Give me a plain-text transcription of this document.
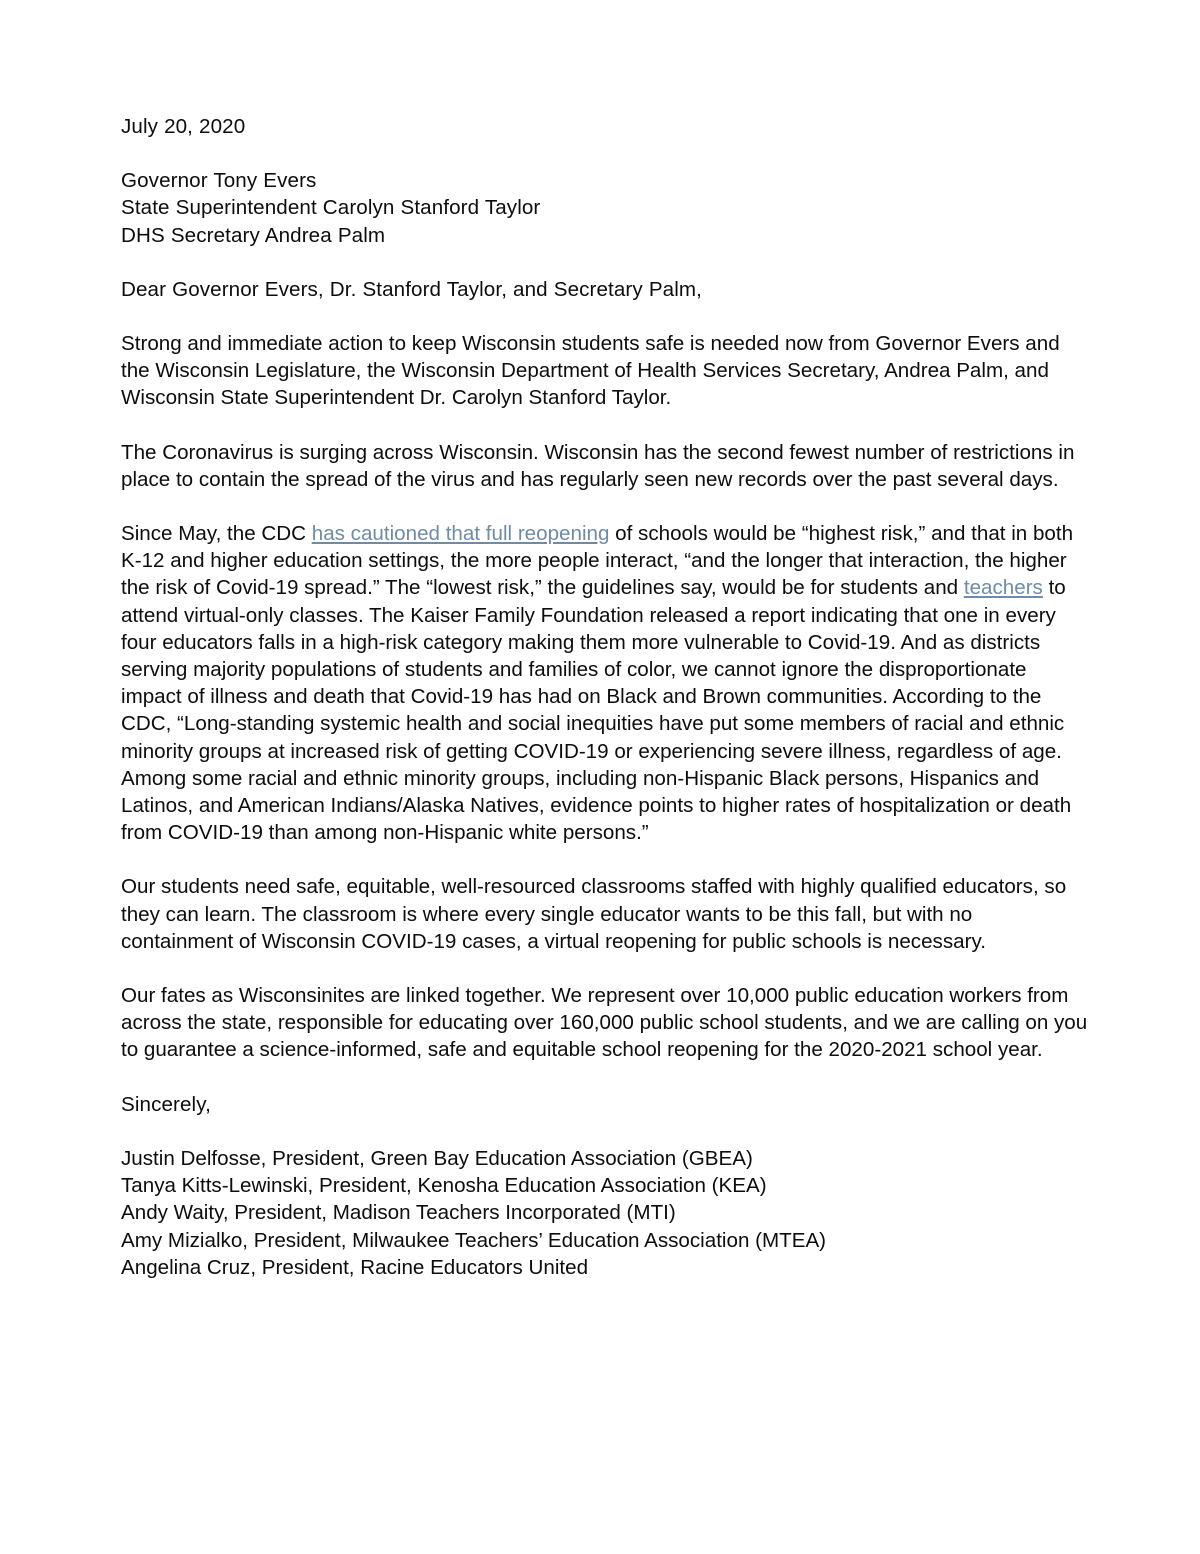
July 20, 2020
Governor Tony Evers
State Superintendent Carolyn Stanford Taylor
DHS Secretary Andrea Palm
Dear Governor Evers, Dr. Stanford Taylor, and Secretary Palm,

Strong and immediate action to keep Wisconsin students safe is needed now from Governor Evers and the Wisconsin Legislature, the Wisconsin Department of Health Services Secretary, Andrea Palm, and Wisconsin State Superintendent Dr. Carolyn Stanford Taylor.

The Coronavirus is surging across Wisconsin. Wisconsin has the second fewest number of restrictions in place to contain the spread of the virus and has regularly seen new records over the past several days.

Since May, the CDC has cautioned that full reopening of schools would be “highest risk,” and that in both K-12 and higher education settings, the more people interact, “and the longer that interaction, the higher the risk of Covid-19 spread.” The “lowest risk,” the guidelines say, would be for students and teachers to attend virtual-only classes. The Kaiser Family Foundation released a report indicating that one in every four educators falls in a high-risk category making them more vulnerable to Covid-19. And as districts serving majority populations of students and families of color, we cannot ignore the disproportionate impact of illness and death that Covid-19 has had on Black and Brown communities. According to the CDC, “Long-standing systemic health and social inequities have put some members of racial and ethnic minority groups at increased risk of getting COVID-19 or experiencing severe illness, regardless of age. Among some racial and ethnic minority groups, including non-Hispanic Black persons, Hispanics and Latinos, and American Indians/Alaska Natives, evidence points to higher rates of hospitalization or death from COVID-19 than among non-Hispanic white persons.”

Our students need safe, equitable, well-resourced classrooms staffed with highly qualified educators, so they can learn. The classroom is where every single educator wants to be this fall, but with no containment of Wisconsin COVID-19 cases, a virtual reopening for public schools is necessary.

Our fates as Wisconsinites are linked together. We represent over 10,000 public education workers from across the state, responsible for educating over 160,000 public school students, and we are calling on you to guarantee a science-informed, safe and equitable school reopening for the 2020-2021 school year.

Sincerely,
Justin Delfosse, President, Green Bay Education Association (GBEA)
Tanya Kitts-Lewinski, President, Kenosha Education Association (KEA)
Andy Waity, President, Madison Teachers Incorporated (MTI)
Amy Mizialko, President, Milwaukee Teachers’ Education Association (MTEA)
Angelina Cruz, President, Racine Educators United
